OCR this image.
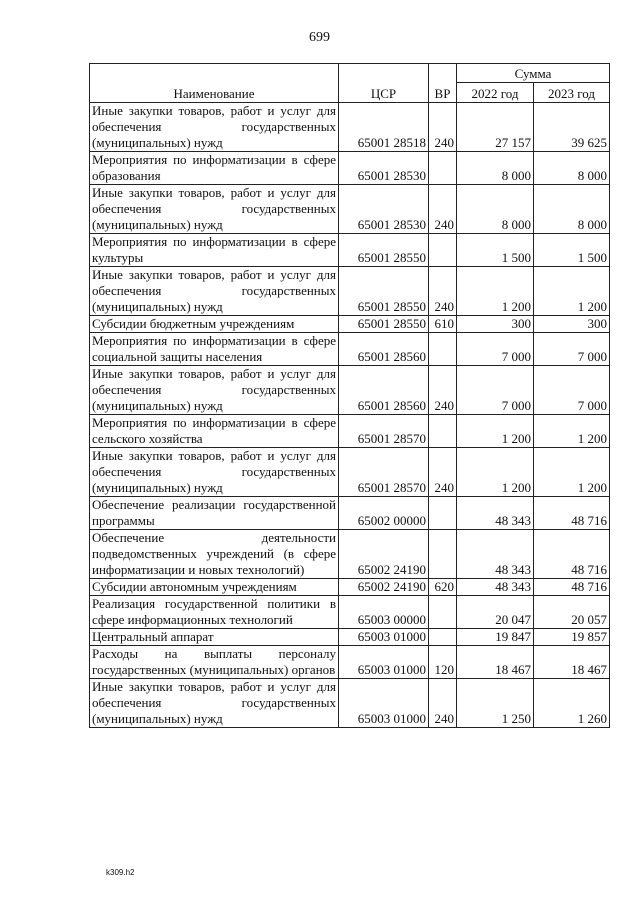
699
Наименование	ЦСР	ВР	Сумма	
			2022 год	2023 год
Иные закупки товаров, работ и услуг для обеспечения государственных (муниципальных) нужд	65001 28518	240	27 157	39 625
Мероприятия по информатизации в сфере образования	65001 28530		8 000	8 000
Иные закупки товаров, работ и услуг для обеспечения государственных (муниципальных) нужд	65001 28530	240	8 000	8 000
Мероприятия по информатизации в сфере культуры	65001 28550		1 500	1 500
Иные закупки товаров, работ и услуг для обеспечения государственных (муниципальных) нужд	65001 28550	240	1 200	1 200
Субсидии бюджетным учреждениям	65001 28550	610	300	300
Мероприятия по информатизации в сфере социальной защиты населения	65001 28560		7 000	7 000
Иные закупки товаров, работ и услуг для обеспечения государственных (муниципальных) нужд	65001 28560	240	7 000	7 000
Мероприятия по информатизации в сфере сельского хозяйства	65001 28570		1 200	1 200
Иные закупки товаров, работ и услуг для обеспечения государственных (муниципальных) нужд	65001 28570	240	1 200	1 200
Обеспечение реализации государственной программы	65002 00000		48 343	48 716
Обеспечение деятельности подведомственных учреждений (в сфере информатизации и новых технологий)	65002 24190		48 343	48 716
Субсидии автономным учреждениям	65002 24190	620	48 343	48 716
Реализация государственной политики в сфере информационных технологий	65003 00000		20 047	20 057
Центральный аппарат	65003 01000		19 847	19 857
Расходы на выплаты персоналу государственных (муниципальных) органов	65003 01000	120	18 467	18 467
Иные закупки товаров, работ и услуг для обеспечения государственных (муниципальных) нужд	65003 01000	240	1 250	1 260
k309.h2
